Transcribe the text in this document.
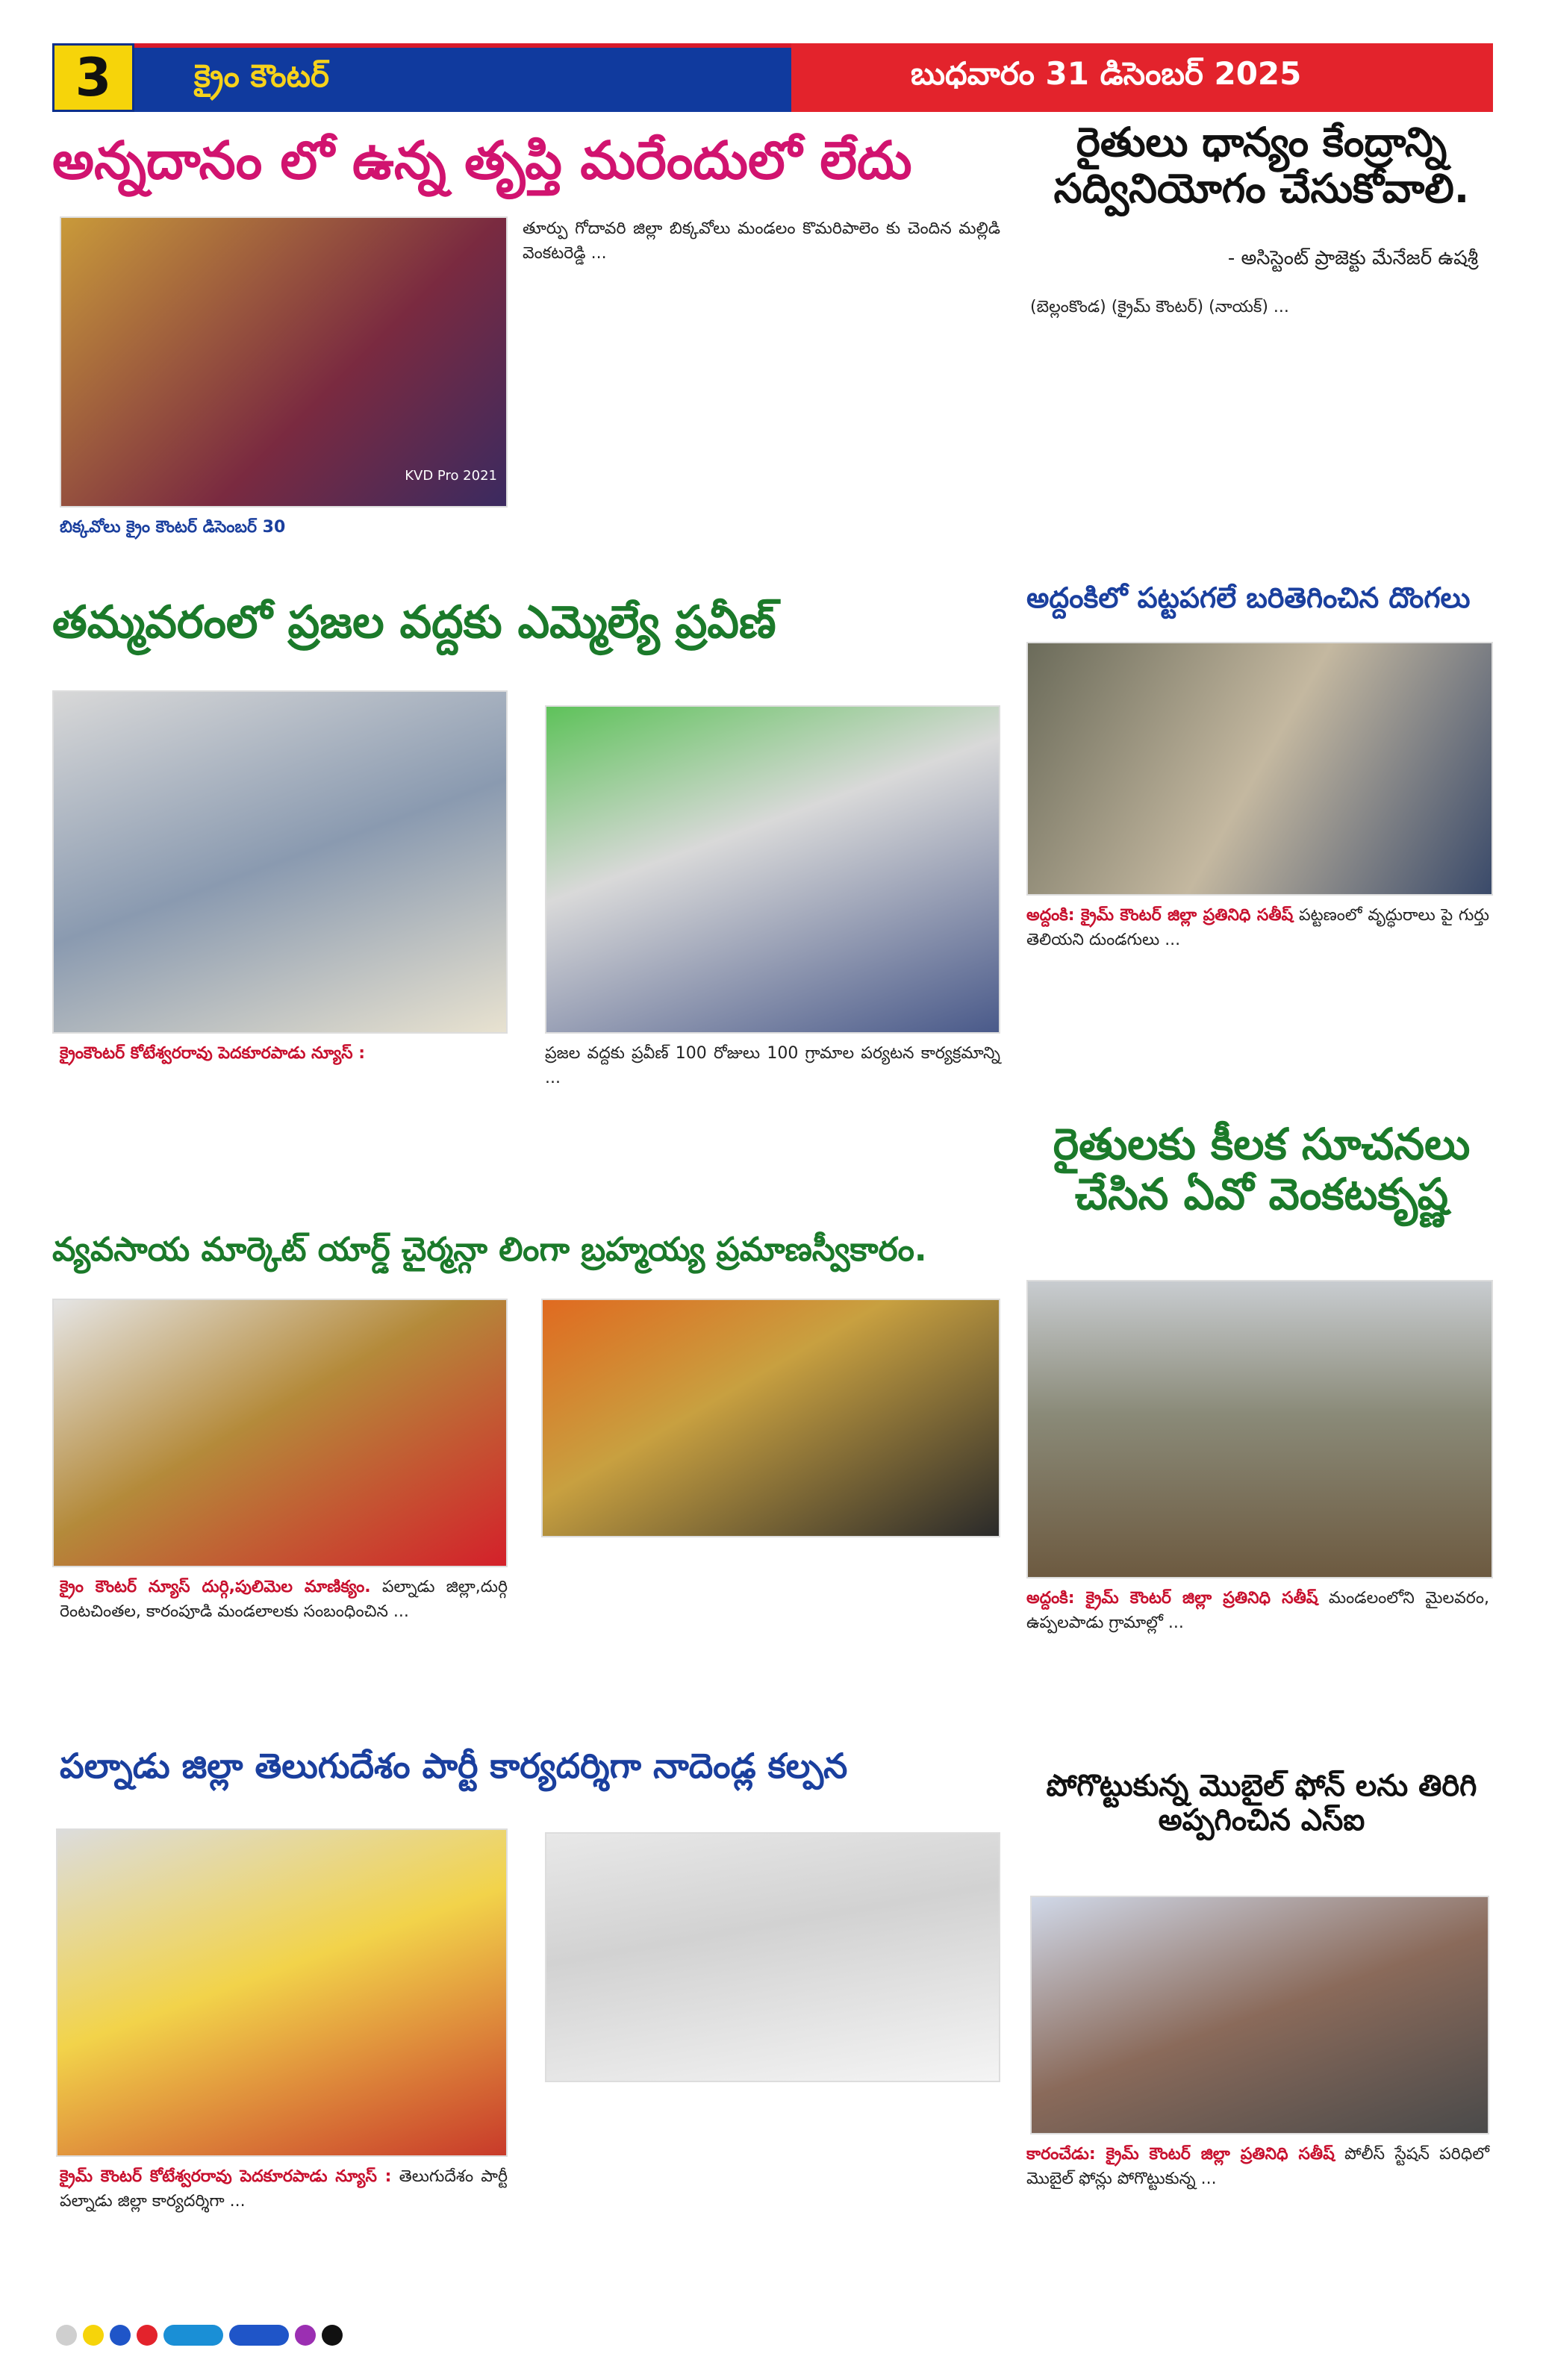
3	క్రైం కౌంటర్	బుధవారం 31 డిసెంబర్ 2025
అన్నదానం లో ఉన్న తృప్తి మరేందులో లేదు
KVD Pro 2021
బిక్కవోలు క్రైం కౌంటర్ డిసెంబర్ 30
తూర్పు గోదావరి జిల్లా బిక్కవోలు మండలం కొమరిపాలెం కు చెందిన మల్లిడి వెంకటరెడ్డి ...
రైతులు ధాన్యం కేంద్రాన్ని సద్వినియోగం చేసుకోవాలి.
- అసిస్టెంట్ ప్రాజెక్టు మేనేజర్ ఉషశ్రీ
(బెల్లంకొండ) (క్రైమ్ కౌంటర్) (నాయక్) ...
తమ్మవరంలో ప్రజల వద్దకు ఎమ్మెల్యే ప్రవీణ్
క్రైంకౌంటర్ కోటేశ్వరరావు పెదకూరపాడు న్యూస్ :	ప్రజల వద్దకు ప్రవీణ్ 100 రోజులు 100 గ్రామాల పర్యటన కార్యక్రమాన్ని ...
అద్దంకిలో పట్టపగలే బరితెగించిన దొంగలు
అద్దంకి: క్రైమ్ కౌంటర్ జిల్లా ప్రతినిధి సతీష్ పట్టణంలో వృద్ధురాలు పై గుర్తు తెలియని దుండగులు ...
రైతులకు కీలక సూచనలు చేసిన ఏవో వెంకటకృష్ణ
అద్దంకి: క్రైమ్ కౌంటర్ జిల్లా ప్రతినిధి సతీష్ మండలంలోని మైలవరం, ఉప్పలపాడు గ్రామాల్లో ...
వ్యవసాయ మార్కెట్ యార్డ్ చైర్మన్గా లింగా బ్రహ్మయ్య ప్రమాణస్వీకారం.
క్రైం కౌంటర్ న్యూస్ దుర్గి,పులిమెల మాణిక్యం. పల్నాడు జిల్లా,దుర్గి రెంటచింతల, కారంపూడి మండలాలకు సంబంధించిన ...
పల్నాడు జిల్లా తెలుగుదేశం పార్టీ కార్యదర్శిగా నాదెండ్ల కల్పన
క్రైమ్ కౌంటర్ కోటేశ్వరరావు పెదకూరపాడు న్యూస్ : తెలుగుదేశం పార్టీ పల్నాడు జిల్లా కార్యదర్శిగా ...
పోగొట్టుకున్న మొబైల్ ఫోన్ లను తిరిగి అప్పగించిన ఎస్ఐ
కారంచేడు: క్రైమ్ కౌంటర్ జిల్లా ప్రతినిధి సతీష్ పోలీస్ స్టేషన్ పరిధిలో మొబైల్ ఫోన్లు పోగొట్టుకున్న ...
